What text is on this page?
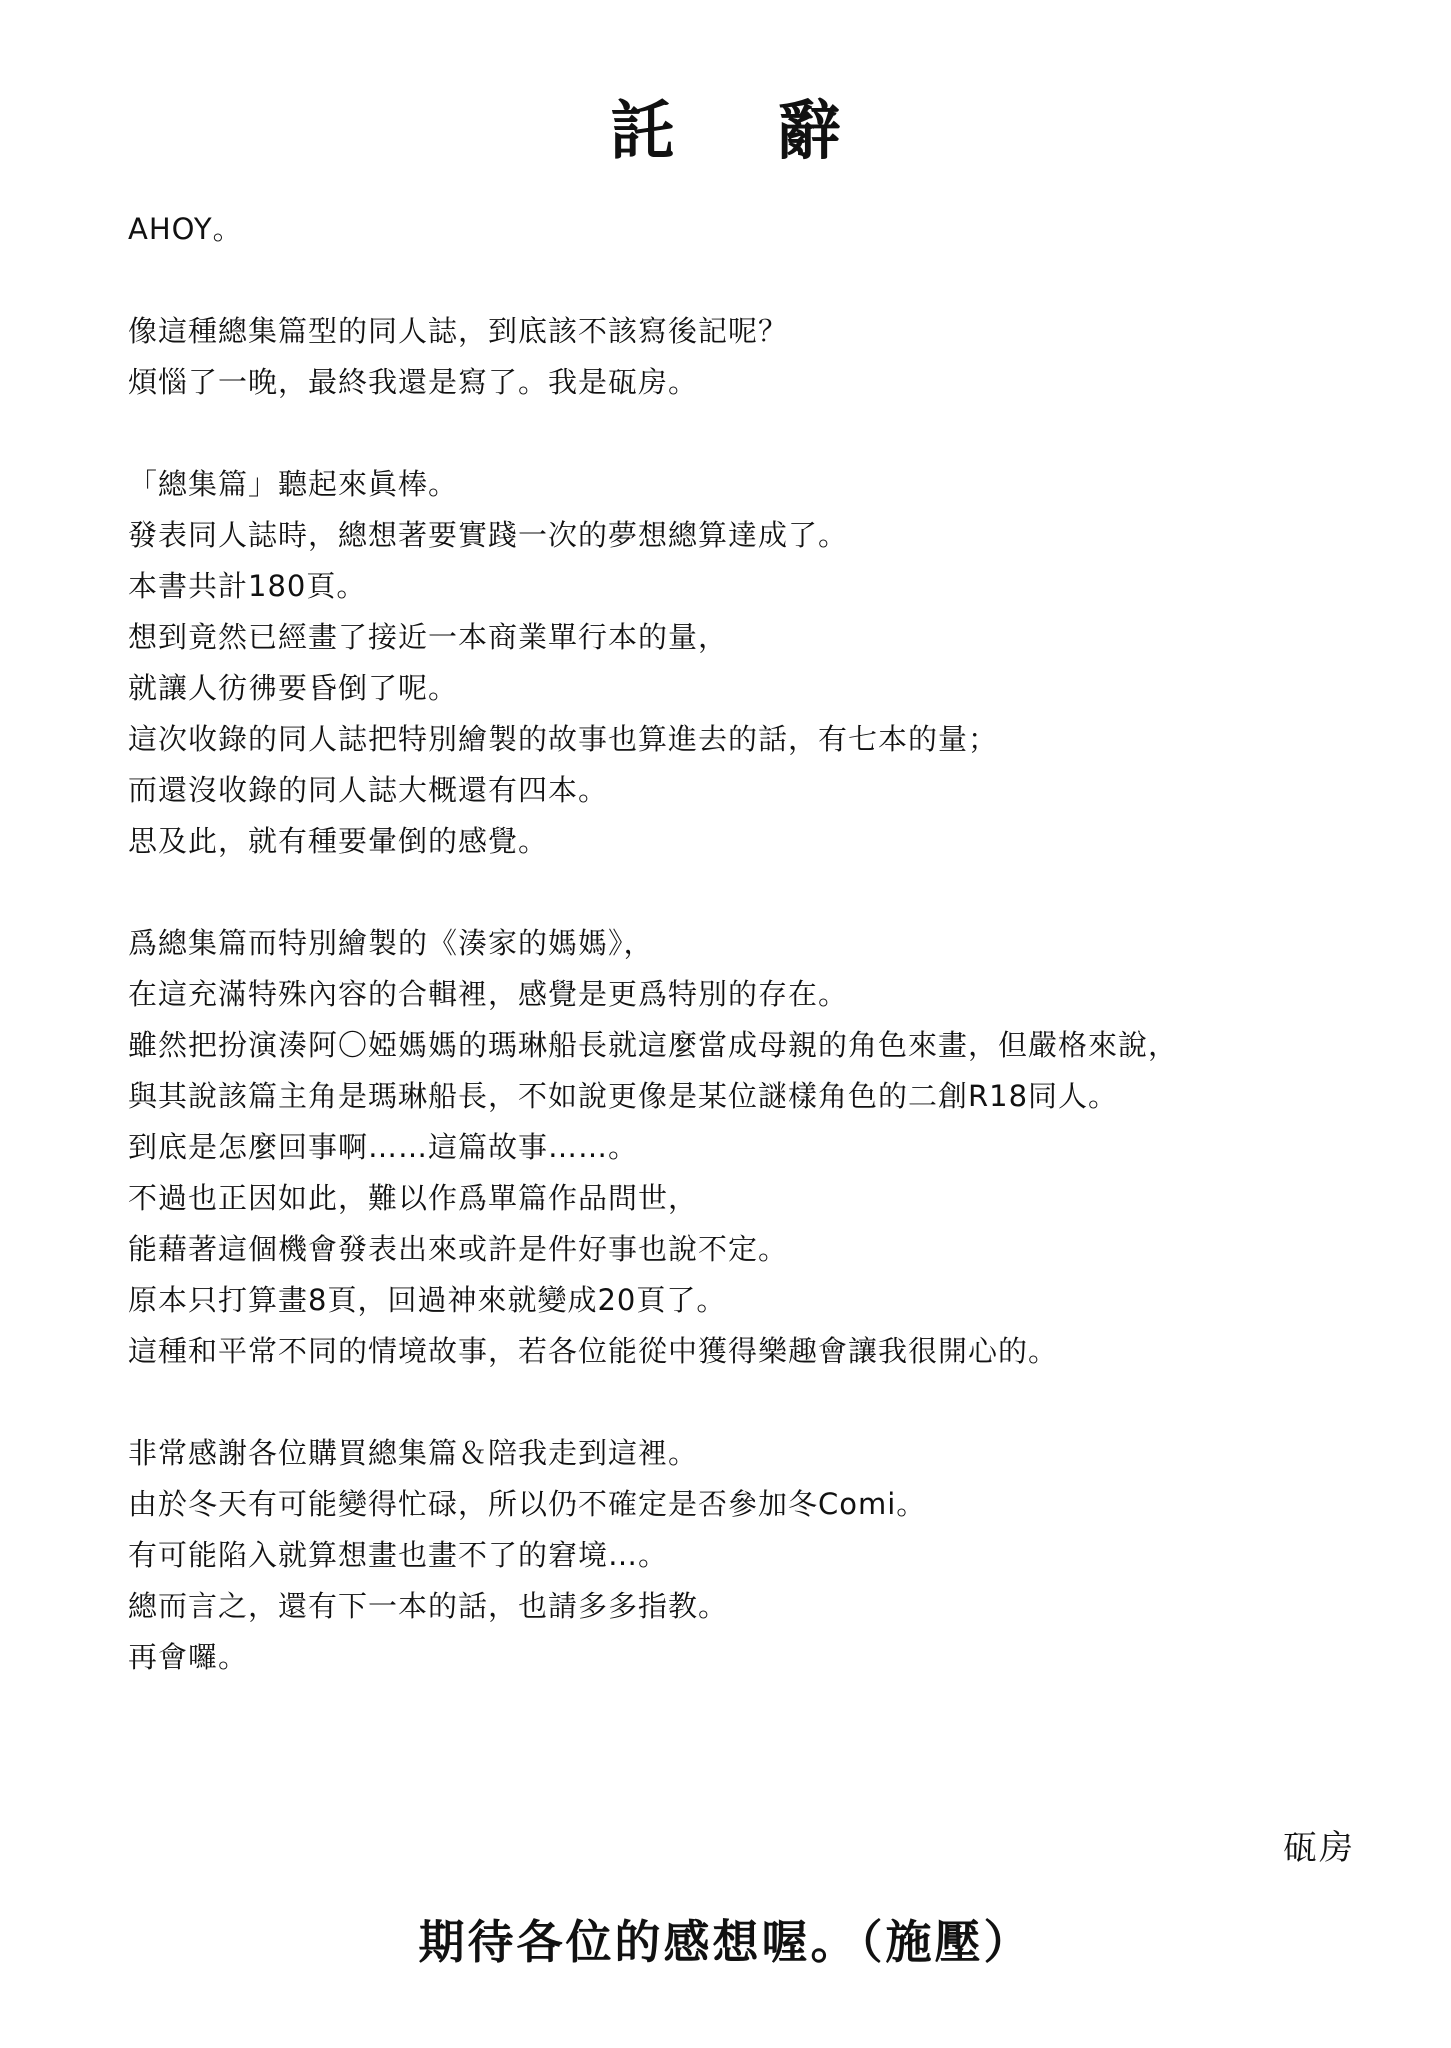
託 辭
AHOY。
像這種總集篇型的同人誌，到底該不該寫後記呢？
煩惱了一晚，最終我還是寫了。我是砙房。
「總集篇」聽起來眞棒。
發表同人誌時，總想著要實踐一次的夢想總算達成了。
本書共計180頁。
想到竟然已經畫了接近一本商業單行本的量，
就讓人彷彿要昏倒了呢。
這次收錄的同人誌把特別繪製的故事也算進去的話，有七本的量；
而還沒收錄的同人誌大概還有四本。
思及此，就有種要暈倒的感覺。
爲總集篇而特別繪製的《湊家的媽媽》，
在這充滿特殊內容的合輯裡，感覺是更爲特別的存在。
雖然把扮演湊阿〇婭媽媽的瑪琳船長就這麼當成母親的角色來畫，但嚴格來說，
與其說該篇主角是瑪琳船長，不如說更像是某位謎樣角色的二創R18同人。
到底是怎麼回事啊……這篇故事……。
不過也正因如此，難以作爲單篇作品問世，
能藉著這個機會發表出來或許是件好事也說不定。
原本只打算畫8頁，回過神來就變成20頁了。
這種和平常不同的情境故事，若各位能從中獲得樂趣會讓我很開心的。
非常感謝各位購買總集篇＆陪我走到這裡。
由於冬天有可能變得忙碌，所以仍不確定是否參加冬Comi。
有可能陷入就算想畫也畫不了的窘境…。
總而言之，還有下一本的話，也請多多指教。
再會囉。
砙房
期待各位的感想喔。（施壓）
